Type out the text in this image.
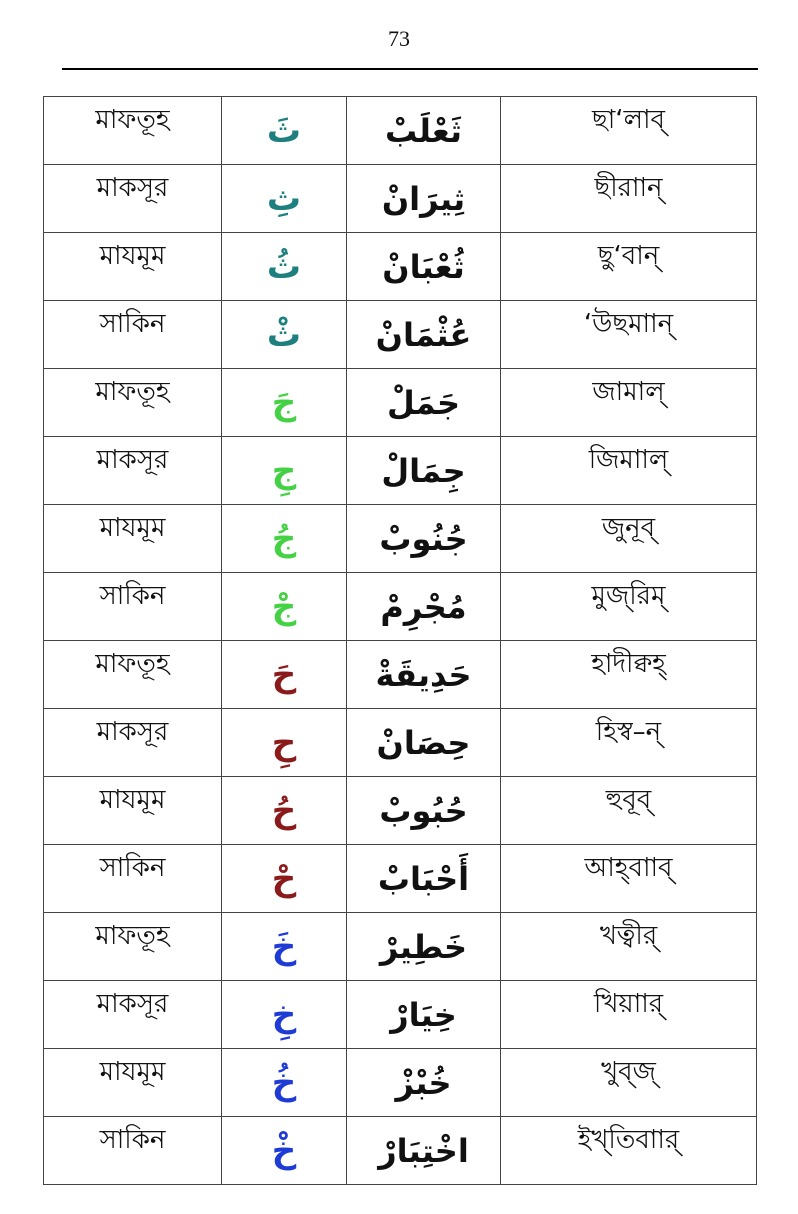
73
মাফতূহ	ثَ	ثَعْلَبْ	ছা‘লাব্

মাকসূর	ثِ	ثِيرَانْ	ছীরাান্

মাযমূম	ثُ	ثُعْبَانْ	ছু‘বান্

সাকিন	ثْ	عُثْمَانْ	‘উছমাান্

মাফতূহ	جَ	جَمَلْ	জামাল্

মাকসূর	جِ	جِمَالْ	জিমাাল্

মাযমূম	جُ	جُنُوبْ	জুনূব্

সাকিন	جْ	مُجْرِمْ	মুজ্‌রিম্

মাফতূহ	حَ	حَدِيقَةْ	হাদীক্বহ্

মাকসূর	حِ	حِصَانْ	হিস্ব–ন্

মাযমূম	حُ	حُبُوبْ	হুবূব্

সাকিন	حْ	أَحْبَابْ	আহ্‌বাাব্

মাফতূহ	خَ	خَطِيرْ	খত্বীর্

মাকসূর	خِ	خِيَارْ	খিয়াার্

মাযমূম	خُ	خُبْزْ	খুব্‌জ্

সাকিন	خْ	اخْتِبَارْ	ইখ্‌তিবাার্
